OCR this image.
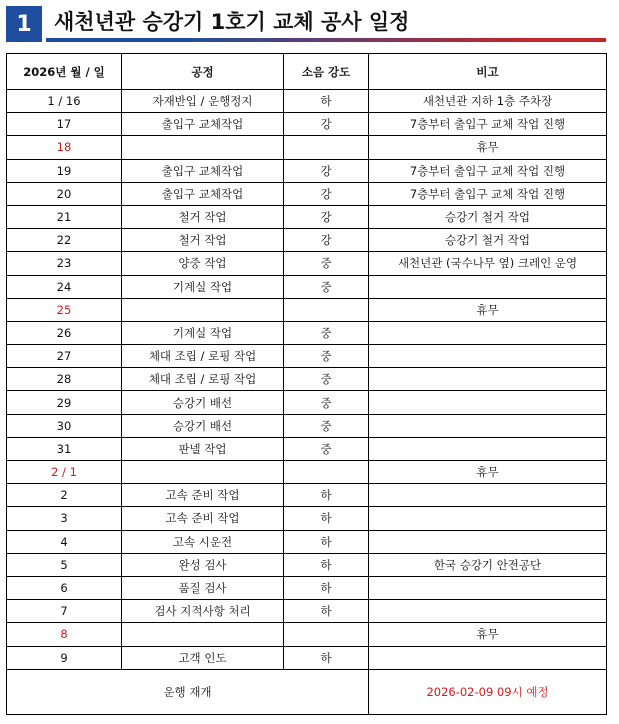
1	새천년관 승강기 1호기 교체 공사 일정
2026년 월 / 일	공정	소음 강도	비고
1 / 16	자재반입 / 운행정지	하	새천년관 지하 1층 주차장
17	출입구 교체작업	강	7층부터 출입구 교체 작업 진행
18			휴무
19	출입구 교체작업	강	7층부터 출입구 교체 작업 진행
20	출입구 교체작업	강	7층부터 출입구 교체 작업 진행
21	철거 작업	강	승강기 철거 작업
22	철거 작업	강	승강기 철거 작업
23	양중 작업	중	새천년관 (국수나무 옆) 크레인 운영
24	기계실 작업	중	
25			휴무
26	기계실 작업	중	
27	체대 조립 / 로핑 작업	중	
28	체대 조립 / 로핑 작업	중	
29	승강기 배선	중	
30	승강기 배선	중	
31	판넬 작업	중	
2 / 1			휴무
2	고속 준비 작업	하	
3	고속 준비 작업	하	
4	고속 시운전	하	
5	완성 검사	하	한국 승강기 안전공단
6	품질 검사	하	
7	검사 지적사항 처리	하	
8			휴무
9	고객 인도	하	
운행 재개			2026-02-09 09시 예정
